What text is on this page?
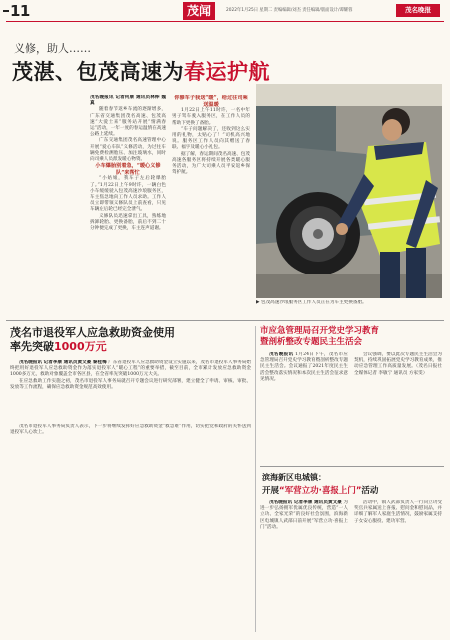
11	茂闻	2022年1月25日 星期二 责编编辑/刘杰 责任编辑/版面设计/谭耀蓉	茂名晚报
义修，助人……
茂湛、包茂高速为春运护航

茂名晚报讯 记者何康 通讯员林桦 魏真

随着春节返乡车流的逐渐增多，广东省交通集团茂名高速、包茂高速“大爱士来”服务站开展“情满春运”活动，一年一度的春运温情在高速公路上延续。

广东交通集团茂名高速管理中心开展“爱心车队”义修活动，为过往车辆免费检测胎压、加注玻璃水，同时向司乘人员派发暖心物资。

小车爆胎别着急，“暖心义修队”来帮忙

“小姑娘，我车子左后轮爆胎了。”1月22日上午9时许，一辆白色小车缓缓驶入包茂高速沙琅服务区，车主焦急地向工作人员求助。工作人员立即带领义修队员上前查看，只见车辆左后轮已经完全泄气。

义修队员迅速拿出工具，熟练地拆卸轮胎、更换备胎，前后不到二十分钟便完成了更换，车主连声道谢。

你修车子我送“暖”，给过往司乘送温暖

1月22日上午11时许，一名中年男子驾车驶入服务区，在工作人员的帮助下更换了备胎。

“车子问题解决了，还收到这么实用的礼物，太贴心了！”司机高兴地说。服务区工作人员向其赠送了春联、福字及暖心小礼包。

据了解，春运期间茂名高速、包茂高速各服务区将持续开展各类暖心服务活动，为广大司乘人员平安返乡保驾护航。

▶ 包茂高速沙琅服务区工作人员正在为车主更换备胎。
茂名市退役军人应急救助资金使用率先突破1000万元

茂名晚报讯 记者李康 通讯员黄文豪 黎桂梅

广东省退役军人应急救助资金设立实施以来，茂名市退役军人事务局始终把用好退役军人应急救助资金作为落实退役军人“暖心工程”的重要举措，截至目前，全市累计发放应急救助资金1000多万元，救助对象覆盖全市各区县，在全省率先突破1000万元大关。

在应急救助工作实施之初，茂名市退役军人事务局就召开专题会议进行研究部署，建立健全了申请、审核、审批、发放等工作流程，确保应急救助资金规范高效使用。

茂名市退役军人事务局负责人表示，下一步将继续发挥好应急救助资金“救急难”作用，切实把党和政府的关怀送到退役军人心坎上。

市应急管理局召开党史学习教育
暨剖析整改专题民主生活会

茂名晚报讯

1月24日下午，茂名市应急管理局召开党史学习教育暨剖析整改专题民主生活会。会议通报了2021年度民主生活会整改落实情况和本次民主生活会征求意见情况。

会议强调，要以此次专题民主生活会为契机，持续巩固拓展党史学习教育成果，推动应急管理工作高质量发展。（茂名日报社全媒体记者 李敏宁 通讯员 方家雯）

滨海新区电城镇：
开展“军营立功·喜报上门”活动

茂名晚报讯 记者李康 通讯员黄文豪

为进一步弘扬拥军优属优良传统，营造“一人立功、全家光荣”的良好社会氛围，滨海新区电城镇人武部日前开展“军营立功·喜报上门”活动。

活动中，镇人武部负责人一行向立功受奖官兵家属送上喜报、慰问金和慰问品，并详细了解军人家庭生活情况，鼓励家属支持子女安心服役、建功军营。
